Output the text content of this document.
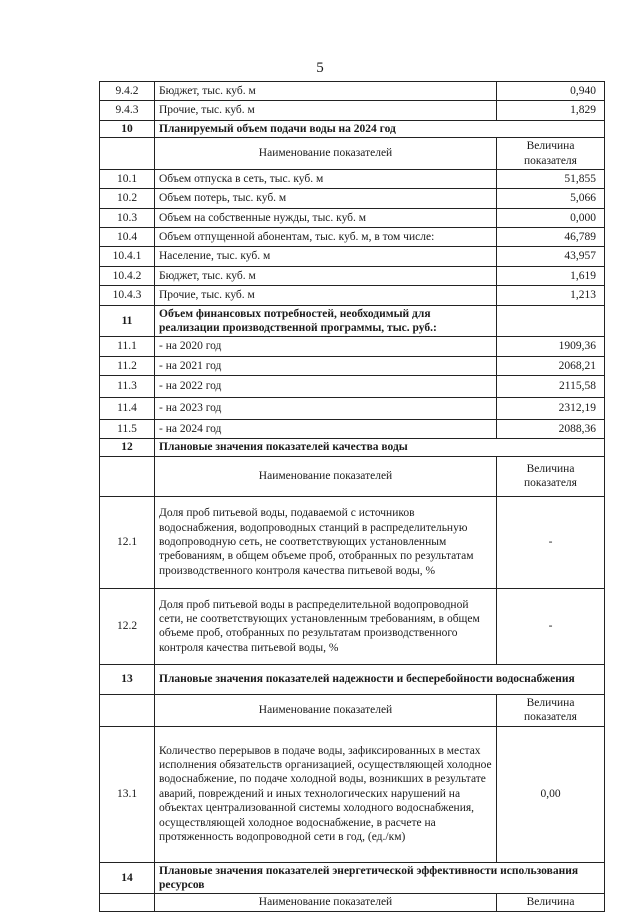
5
9.4.2	Бюджет, тыс. куб. м	0,940
9.4.3	Прочие, тыс. куб. м	1,829
10	Планируемый объем подачи воды на 2024 год	
	Наименование показателей	Величина показателя
10.1	Объем отпуска в сеть, тыс. куб. м	51,855
10.2	Объем потерь, тыс. куб. м	5,066
10.3	Объем на собственные нужды, тыс. куб. м	0,000
10.4	Объем отпущенной абонентам, тыс. куб. м, в том числе:	46,789
10.4.1	Население, тыс. куб. м	43,957
10.4.2	Бюджет, тыс. куб. м	1,619
10.4.3	Прочие, тыс. куб. м	1,213
11	Объем финансовых потребностей, необходимый для реализации производственной программы, тыс. руб.:	
11.1	- на 2020 год	1909,36
11.2	- на 2021 год	2068,21
11.3	- на 2022 год	2115,58
11.4	- на 2023 год	2312,19
11.5	- на 2024 год	2088,36
12	Плановые значения показателей качества воды	
	Наименование показателей	Величина показателя
12.1	Доля проб питьевой воды, подаваемой с источников водоснабжения, водопроводных станций в распределительную водопроводную сеть, не соответствующих установленным требованиям, в общем объеме проб, отобранных по результатам производственного контроля качества питьевой воды, %	-
12.2	Доля проб питьевой воды в распределительной водопроводной сети, не соответствующих установленным требованиям, в общем объеме проб, отобранных по результатам производственного контроля качества питьевой воды, %	-
13	Плановые значения показателей надежности и бесперебойности водоснабжения	
	Наименование показателей	Величина показателя
13.1	Количество перерывов в подаче воды, зафиксированных в местах исполнения обязательств организацией, осуществляющей холодное водоснабжение, по подаче холодной воды, возникших в результате аварий, повреждений и иных технологических нарушений на объектах централизованной системы холодного водоснабжения, осуществляющей холодное водоснабжение, в расчете на протяженность водопроводной сети в год, (ед./км)	0,00
14	Плановые значения показателей энергетической эффективности использования ресурсов	
	Наименование показателей	Величина
